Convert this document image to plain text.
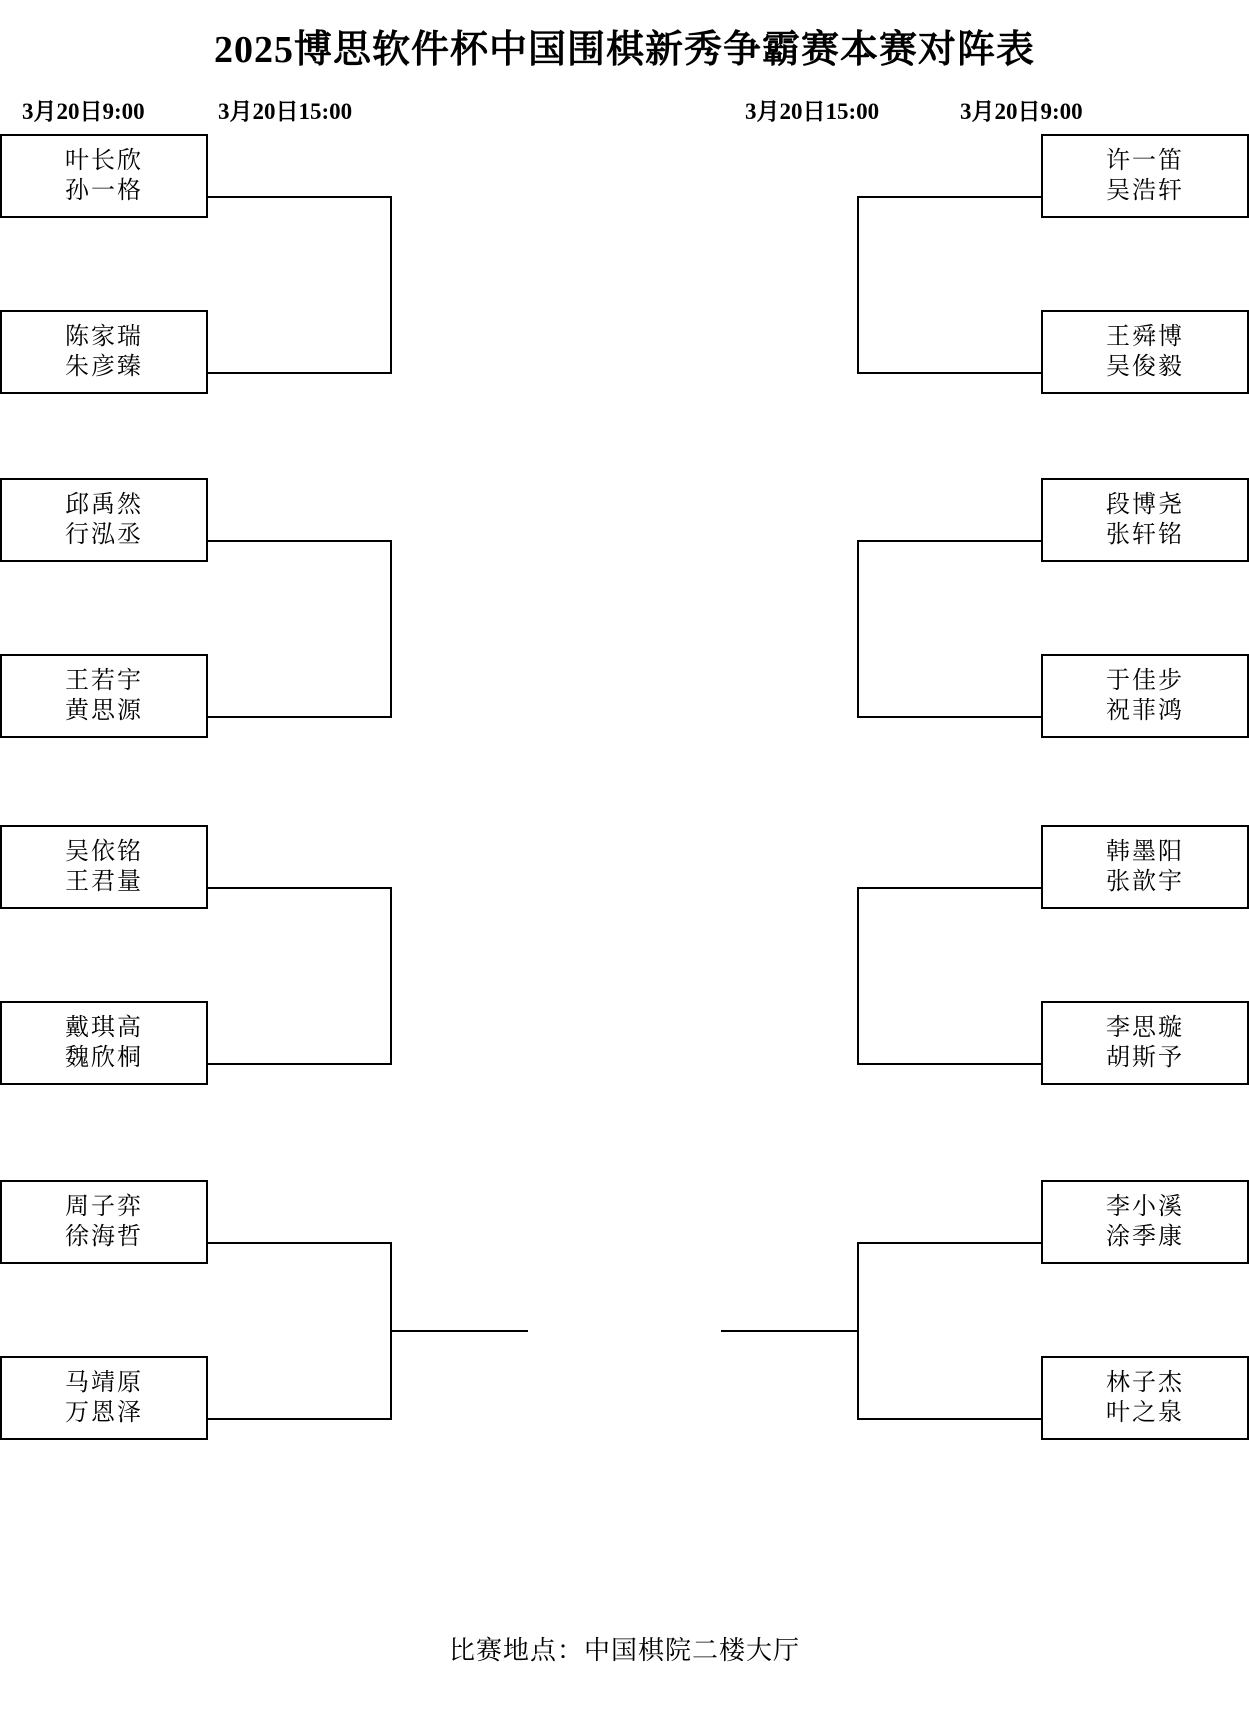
2025博思软件杯中国围棋新秀争霸赛本赛对阵表
3月20日9:00	3月20日15:00	3月20日15:00	3月20日9:00
叶长欣
孙一格
陈家瑞
朱彦臻
邱禹然
行泓丞
王若宇
黄思源
吴依铭
王君量
戴琪高
魏欣桐
周子弈
徐海哲
马靖原
万恩泽
许一笛
吴浩轩
王舜博
吴俊毅
段博尧
张轩铭
于佳步
祝菲鸿
韩墨阳
张歆宇
李思璇
胡斯予
李小溪
涂季康
林子杰
叶之泉
比赛地点：中国棋院二楼大厅
